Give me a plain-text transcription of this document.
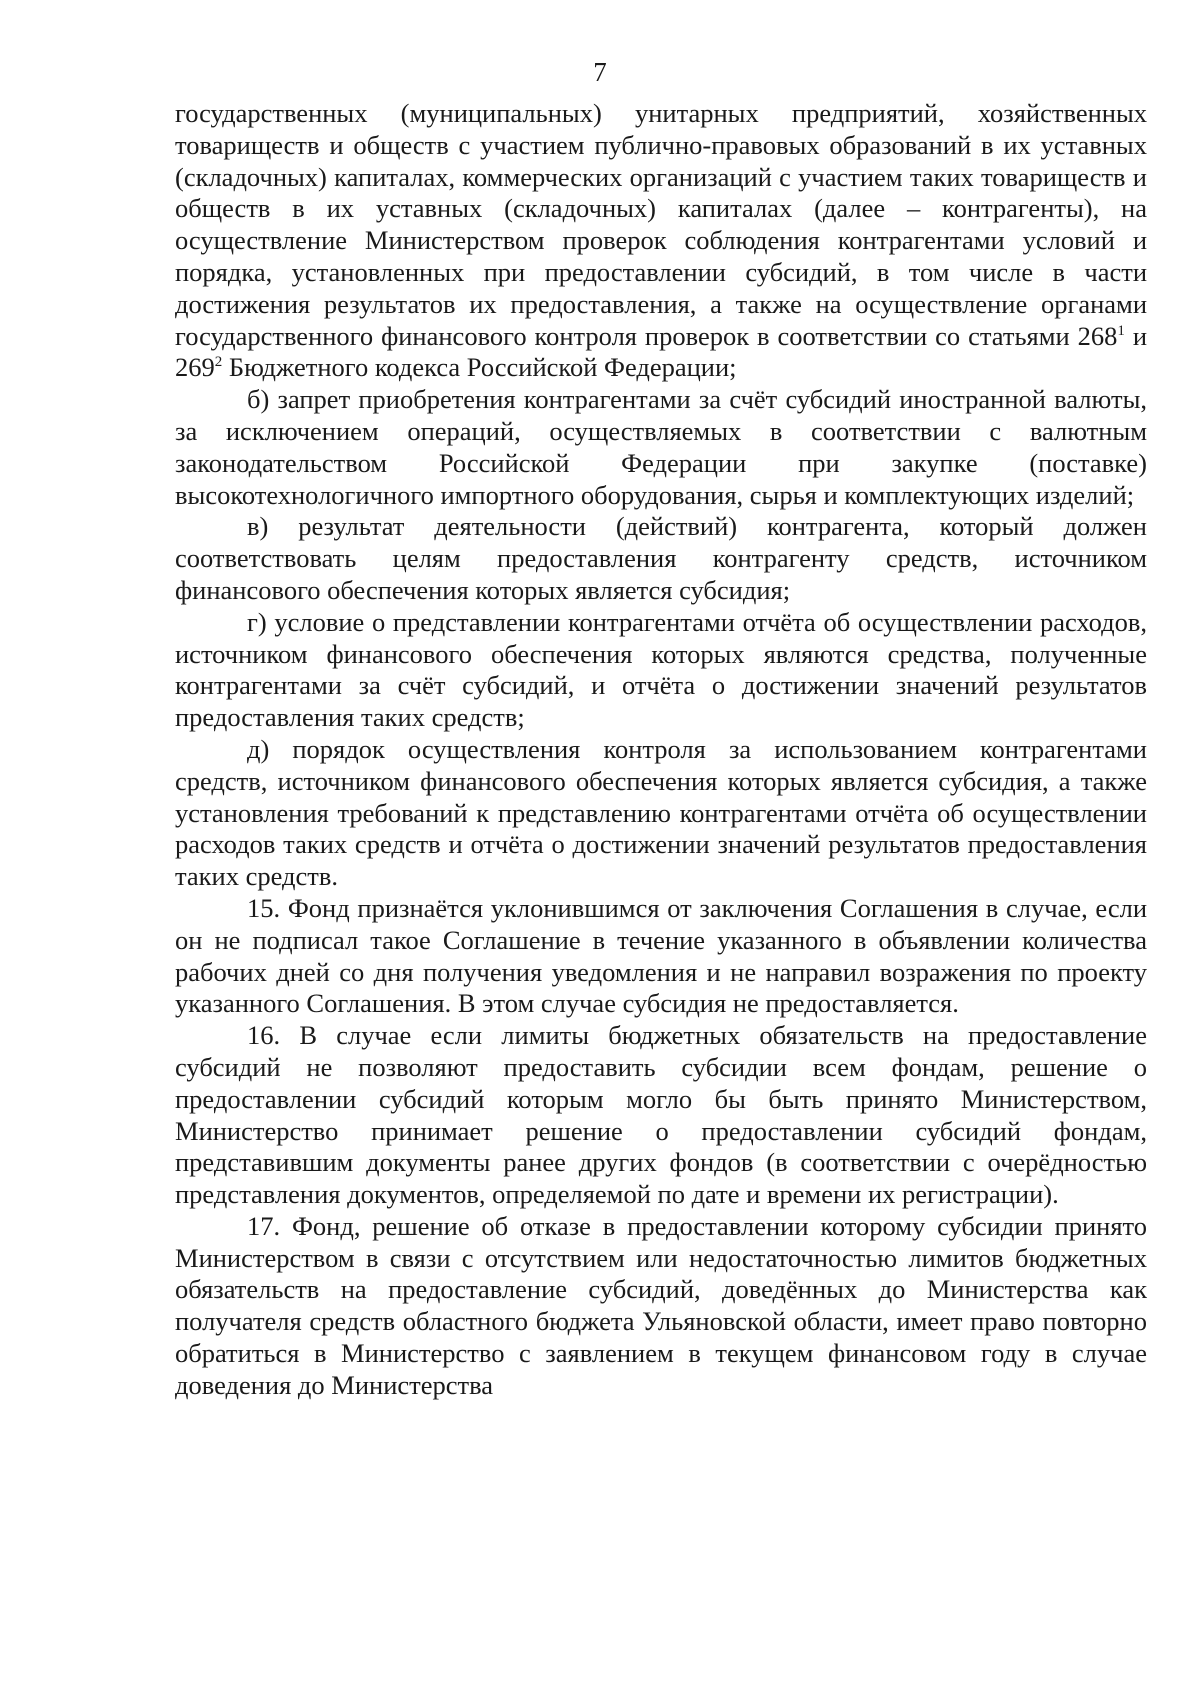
7

государственных (муниципальных) унитарных предприятий, хозяйственных товариществ и обществ с участием публично-правовых образований в их уставных (складочных) капиталах, коммерческих организаций с участием таких товариществ и обществ в их уставных (складочных) капиталах (далее – контрагенты), на осуществление Министерством проверок соблюдения контрагентами условий и порядка, установленных при предоставлении субсидий, в том числе в части достижения результатов их предоставления, а также на осуществление органами государственного финансового контроля проверок в соответствии со статьями $268^1$ и $269^2$ Бюджетного кодекса Российской Федерации;

б) запрет приобретения контрагентами за счёт субсидий иностранной валюты, за исключением операций, осуществляемых в соответствии с валютным законодательством Российской Федерации при закупке (поставке) высокотехнологичного импортного оборудования, сырья и комплектующих изделий;

в) результат деятельности (действий) контрагента, который должен соответствовать целям предоставления контрагенту средств, источником финансового обеспечения которых является субсидия;

г) условие о представлении контрагентами отчёта об осуществлении расходов, источником финансового обеспечения которых являются средства, полученные контрагентами за счёт субсидий, и отчёта о достижении значений результатов предоставления таких средств;

д) порядок осуществления контроля за использованием контрагентами средств, источником финансового обеспечения которых является субсидия, а также установления требований к представлению контрагентами отчёта об осуществлении расходов таких средств и отчёта о достижении значений результатов предоставления таких средств.

15. Фонд признаётся уклонившимся от заключения Соглашения в случае, если он не подписал такое Соглашение в течение указанного в объявлении количества рабочих дней со дня получения уведомления и не направил возражения по проекту указанного Соглашения. В этом случае субсидия не предоставляется.

16. В случае если лимиты бюджетных обязательств на предоставление субсидий не позволяют предоставить субсидии всем фондам, решение о предоставлении субсидий которым могло бы быть принято Министерством, Министерство принимает решение о предоставлении субсидий фондам, представившим документы ранее других фондов (в соответствии с очерёдностью представления документов, определяемой по дате и времени их регистрации).

17. Фонд, решение об отказе в предоставлении которому субсидии принято Министерством в связи с отсутствием или недостаточностью лимитов бюджетных обязательств на предоставление субсидий, доведённых до Министерства как получателя средств областного бюджета Ульяновской области, имеет право повторно обратиться в Министерство с заявлением в текущем финансовом году в случае доведения до Министерства
